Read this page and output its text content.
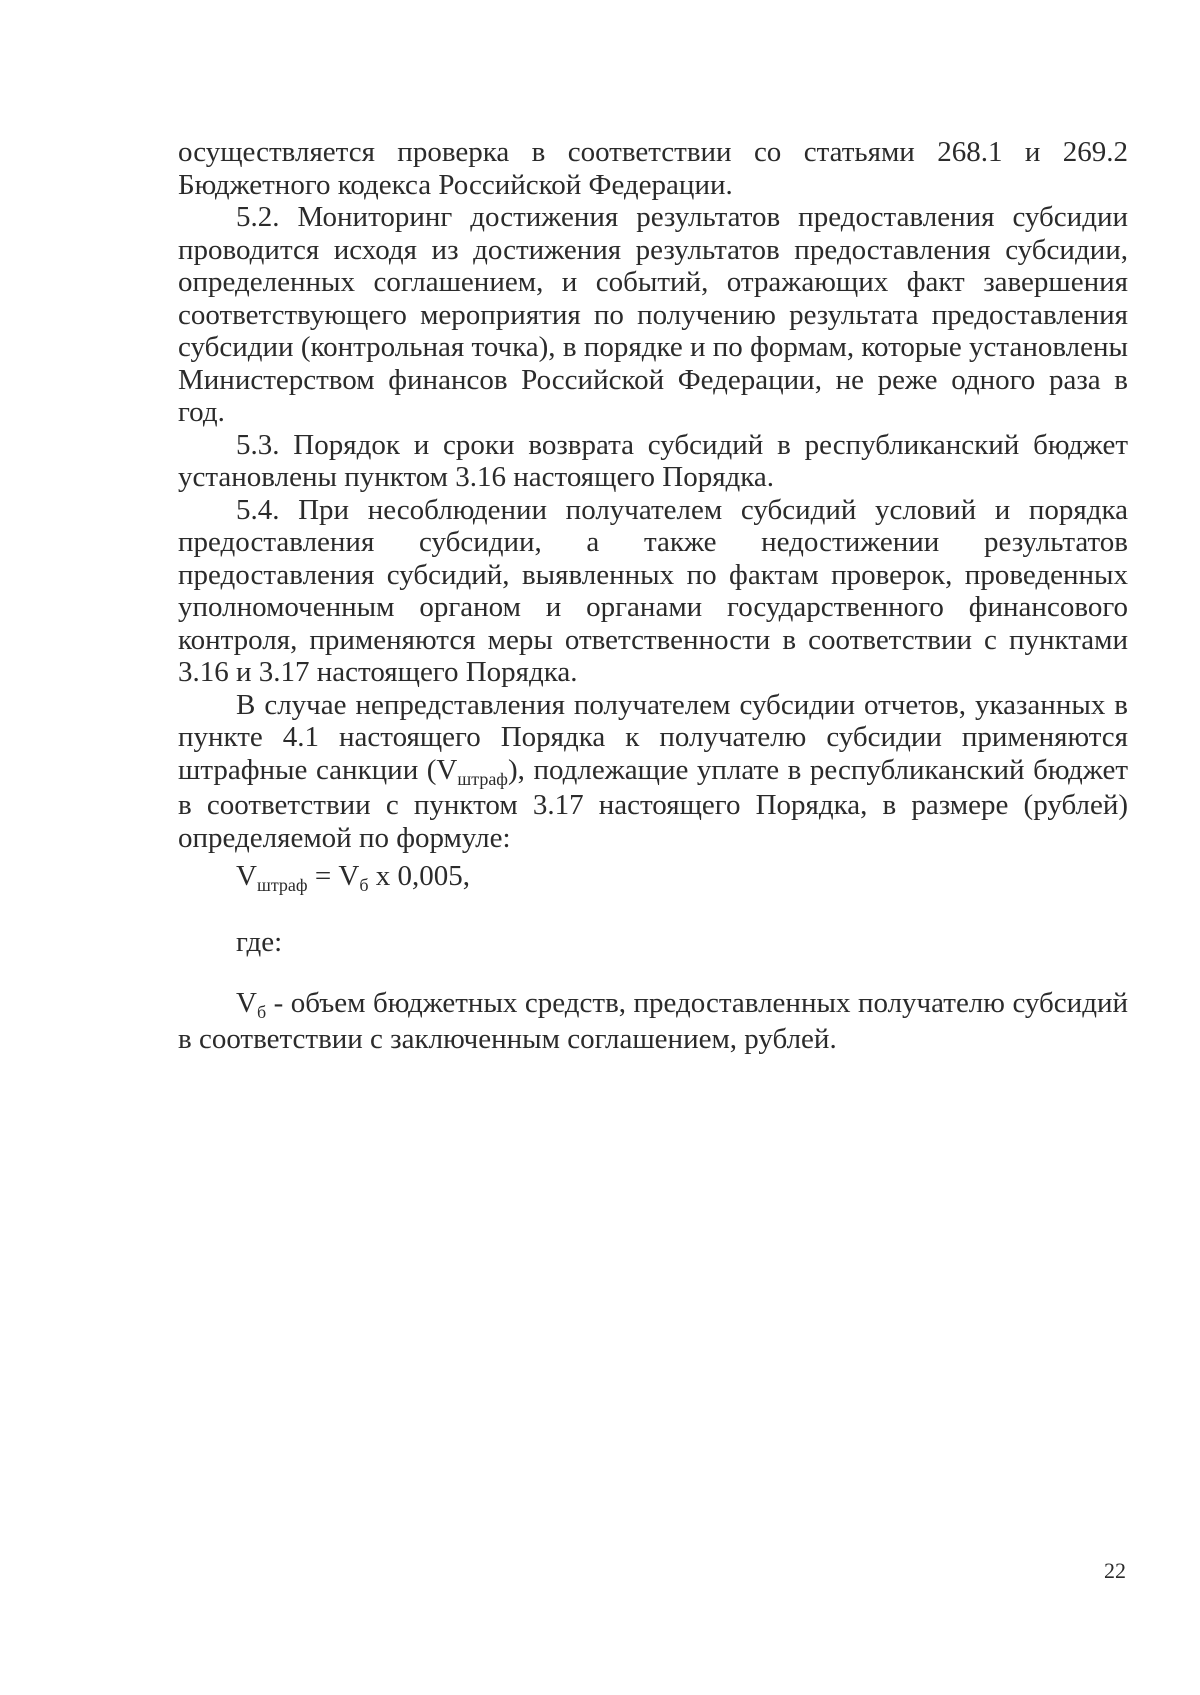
осуществляется проверка в соответствии со статьями 268.1 и 269.2 Бюджетного кодекса Российской Федерации.

5.2. Мониторинг достижения результатов предоставления субсидии проводится исходя из достижения результатов предоставления субсидии, определенных соглашением, и событий, отражающих факт завершения соответствующего мероприятия по получению результата предоставления субсидии (контрольная точка), в порядке и по формам, которые установлены Министерством финансов Российской Федерации, не реже одного раза в год.

5.3. Порядок и сроки возврата субсидий в республиканский бюджет установлены пунктом 3.16 настоящего Порядка.

5.4. При несоблюдении получателем субсидий условий и порядка предоставления субсидии, а также недостижении результатов предоставления субсидий, выявленных по фактам проверок, проведенных уполномоченным органом и органами государственного финансового контроля, применяются меры ответственности в соответствии с пунктами 3.16 и 3.17 настоящего Порядка.

В случае непредставления получателем субсидии отчетов, указанных в пункте 4.1 настоящего Порядка к получателю субсидии применяются штрафные санкции $(V_{штраф})$, подлежащие уплате в республиканский бюджет в соответствии с пунктом 3.17 настоящего Порядка, в размере (рублей) определяемой по формуле:

$V_{штраф} = V_б$ x 0,005,
где:

$V_б$ - объем бюджетных средств, предоставленных получателю субсидий в соответствии с заключенным соглашением, рублей.

22
